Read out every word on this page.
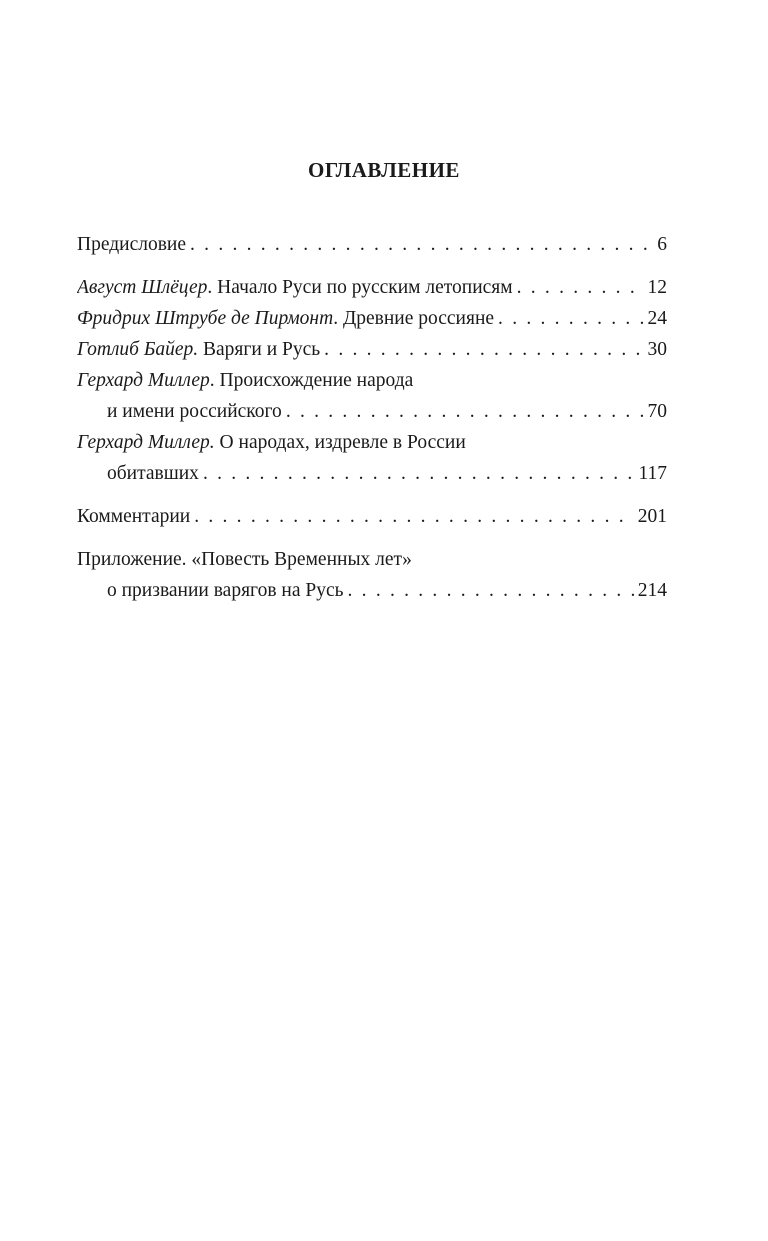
ОГЛАВЛЕНИЕ
Предисловие . . .	6
Август Шлёцер . Начало Руси по русским летописям . . .	12
Фридрих Штрубе де Пирмонт . Древние россияне . . .	24
Готлиб Байер.
Варяги и Русь . . .	30
Герхард Миллер . Происхождение народа
и имени российского . . .	70
Герхард Миллер.
О народах, издревле в России
обитавших . . .	117
Комментарии . . .	201
Приложение. «Повесть Временных лет»
о призвании варягов на Русь . . .	214
